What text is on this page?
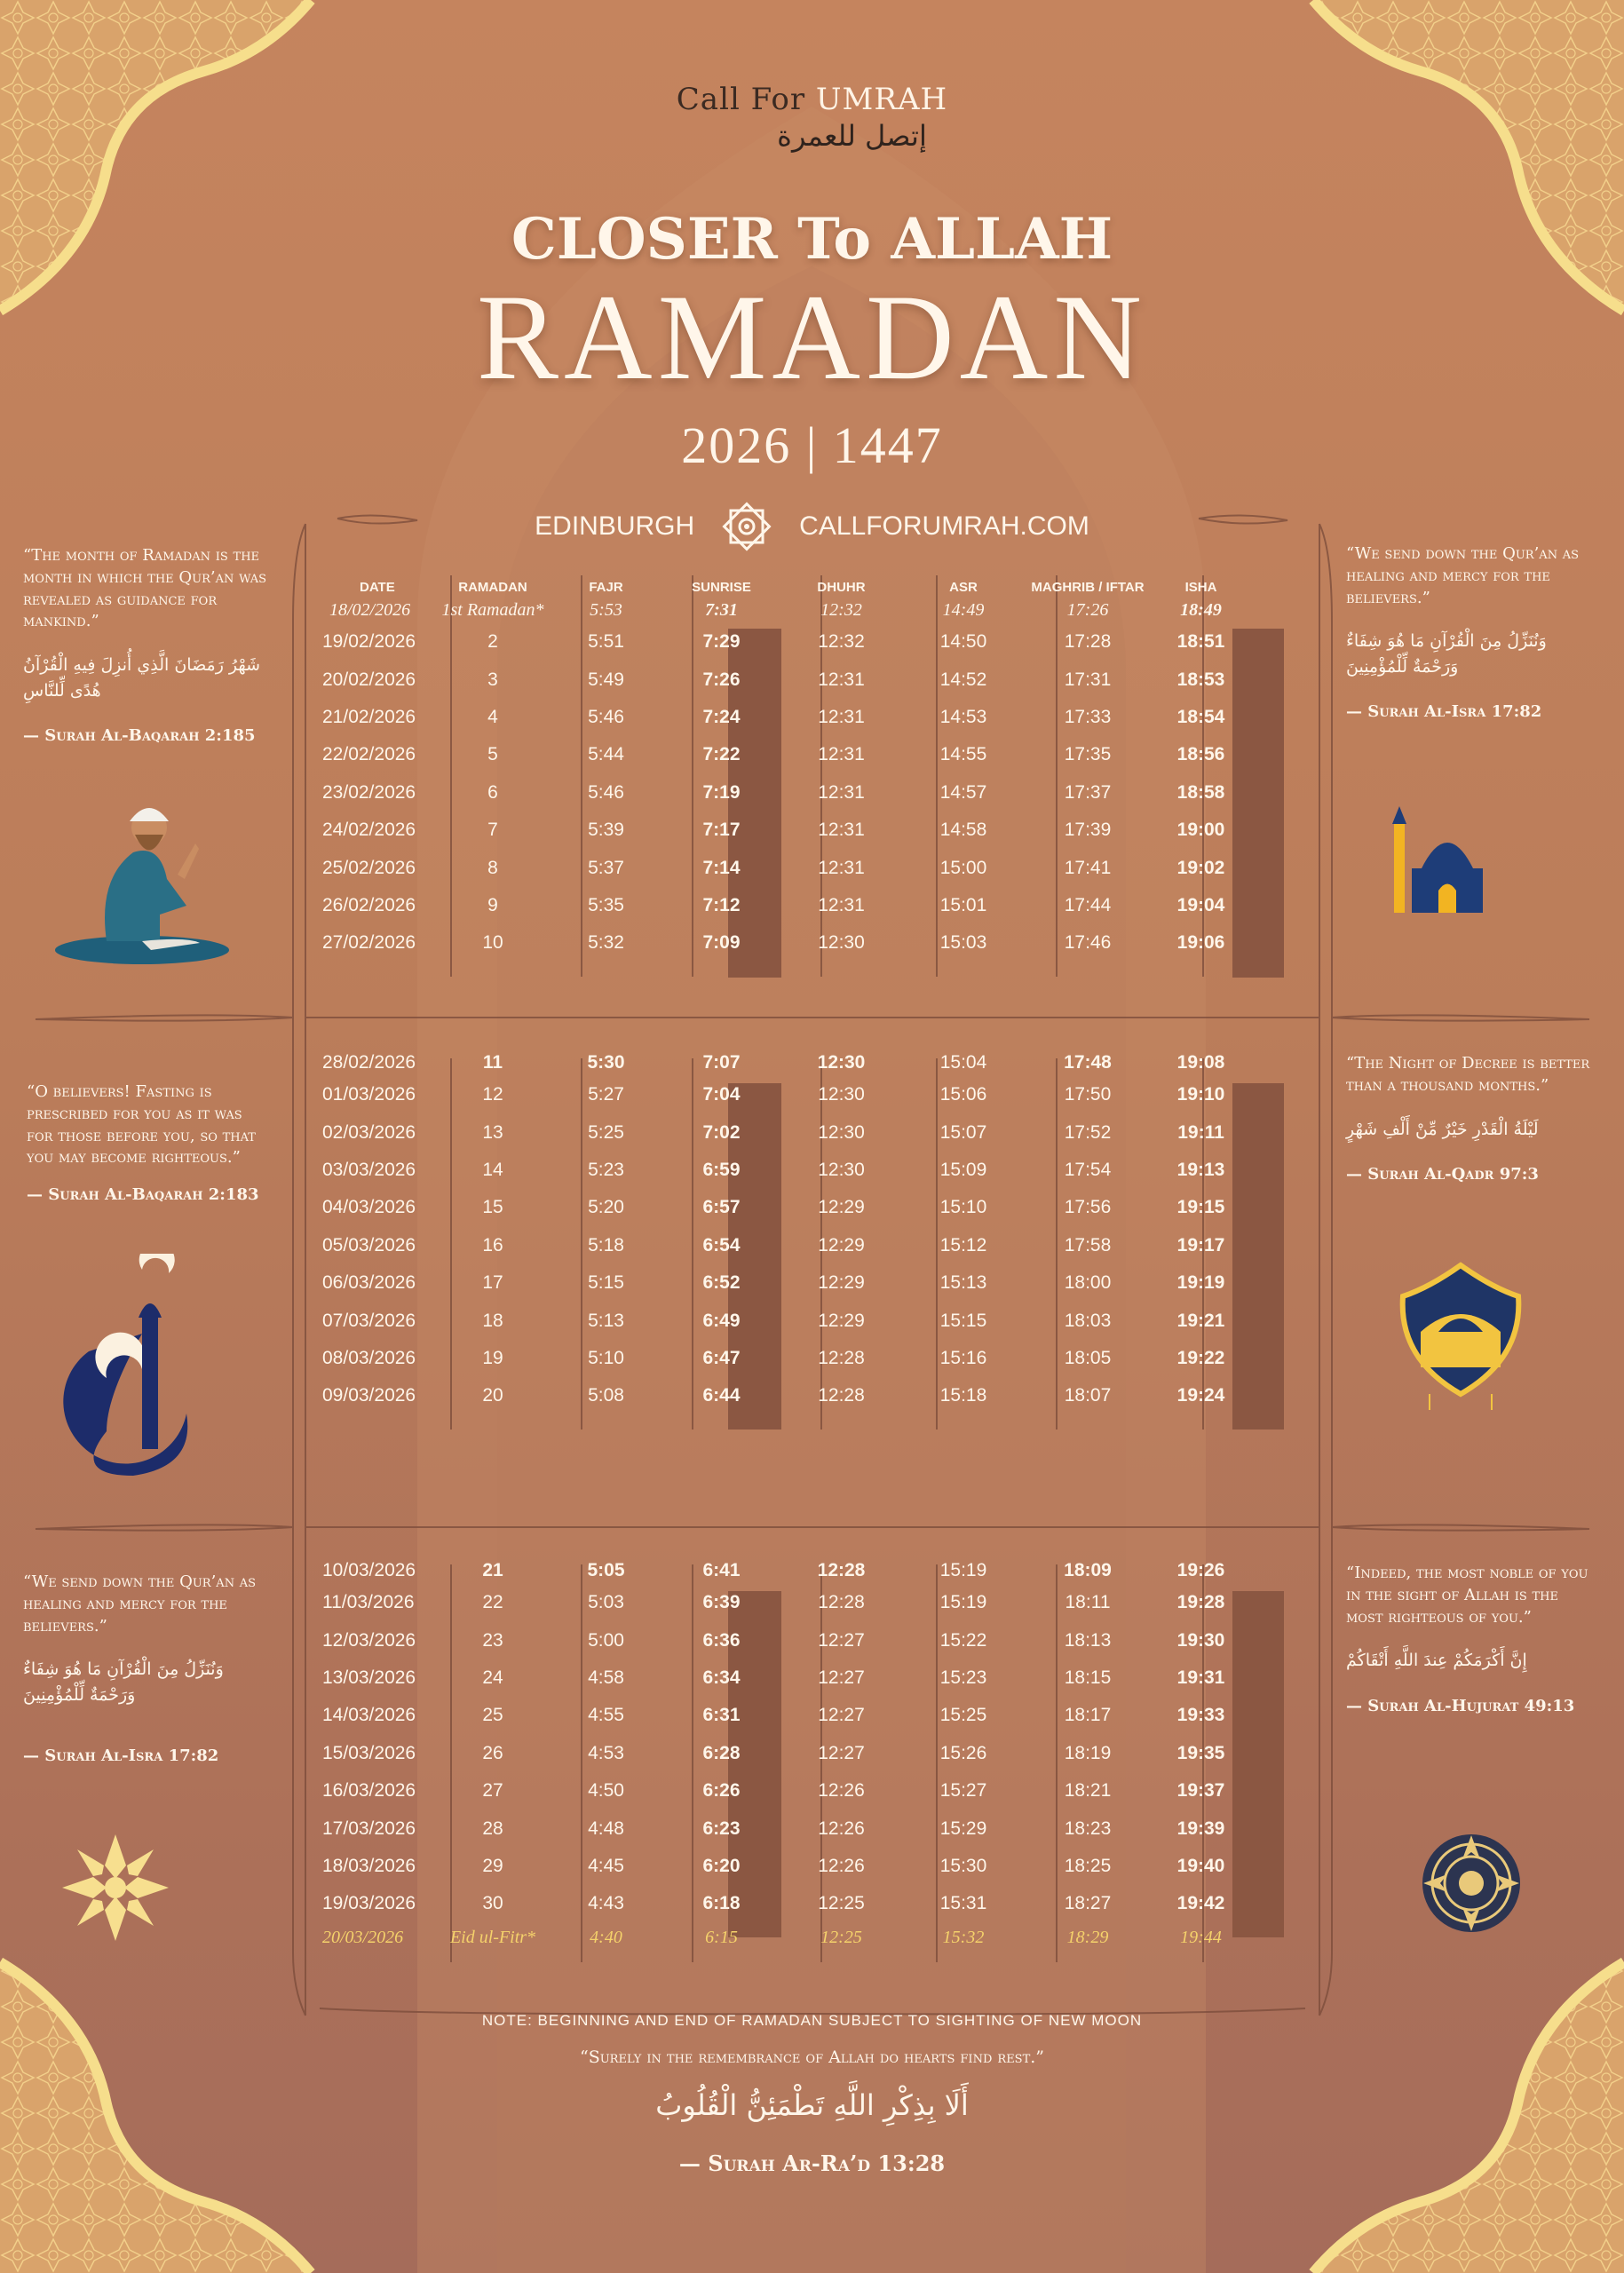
Call For UMRAH
إتصل للعمرة
CLOSER To ALLAH
RAMADAN
2026 | 1447
EDINBURGH	CALLFORUMRAH.COM
DATE	RAMADAN	FAJR	SUNRISE	DHUHR	ASR	MAGHRIB / IFTAR	ISHA
18/02/2026	1st Ramadan*	5:53	7:31	12:32	14:49	17:26	18:49
19/02/2026	2	5:51	7:29	12:32	14:50	17:28	18:51
20/02/2026	3	5:49	7:26	12:31	14:52	17:31	18:53
21/02/2026	4	5:46	7:24	12:31	14:53	17:33	18:54
22/02/2026	5	5:44	7:22	12:31	14:55	17:35	18:56
23/02/2026	6	5:46	7:19	12:31	14:57	17:37	18:58
24/02/2026	7	5:39	7:17	12:31	14:58	17:39	19:00
25/02/2026	8	5:37	7:14	12:31	15:00	17:41	19:02
26/02/2026	9	5:35	7:12	12:31	15:01	17:44	19:04
27/02/2026	10	5:32	7:09	12:30	15:03	17:46	19:06
28/02/2026	11	5:30	7:07	12:30	15:04	17:48	19:08
01/03/2026	12	5:27	7:04	12:30	15:06	17:50	19:10
02/03/2026	13	5:25	7:02	12:30	15:07	17:52	19:11
03/03/2026	14	5:23	6:59	12:30	15:09	17:54	19:13
04/03/2026	15	5:20	6:57	12:29	15:10	17:56	19:15
05/03/2026	16	5:18	6:54	12:29	15:12	17:58	19:17
06/03/2026	17	5:15	6:52	12:29	15:13	18:00	19:19
07/03/2026	18	5:13	6:49	12:29	15:15	18:03	19:21
08/03/2026	19	5:10	6:47	12:28	15:16	18:05	19:22
09/03/2026	20	5:08	6:44	12:28	15:18	18:07	19:24
10/03/2026	21	5:05	6:41	12:28	15:19	18:09	19:26
11/03/2026	22	5:03	6:39	12:28	15:19	18:11	19:28
12/03/2026	23	5:00	6:36	12:27	15:22	18:13	19:30
13/03/2026	24	4:58	6:34	12:27	15:23	18:15	19:31
14/03/2026	25	4:55	6:31	12:27	15:25	18:17	19:33
15/03/2026	26	4:53	6:28	12:27	15:26	18:19	19:35
16/03/2026	27	4:50	6:26	12:26	15:27	18:21	19:37
17/03/2026	28	4:48	6:23	12:26	15:29	18:23	19:39
18/03/2026	29	4:45	6:20	12:26	15:30	18:25	19:40
19/03/2026	30	4:43	6:18	12:25	15:31	18:27	19:42
20/03/2026	Eid ul-Fitr*	4:40	6:15	12:25	15:32	18:29	19:44
“The month of Ramadan is the month in which the Qur’an was revealed as guidance for mankind.”
شَهْرُ رَمَضَانَ الَّذِي أُنزِلَ فِيهِ الْقُرْآنُ هُدًى لِّلنَّاسِ
— Surah Al-Baqarah 2:185
“We send down the Qur’an as healing and mercy for the believers.”
وَنُنَزِّلُ مِنَ الْقُرْآنِ مَا هُوَ شِفَاءٌ وَرَحْمَةٌ لِّلْمُؤْمِنِينَ
— Surah Al-Isra 17:82
“O believers! Fasting is prescribed for you as it was for those before you, so that you may become righteous.”
— Surah Al-Baqarah 2:183
“The Night of Decree is better than a thousand months.”
لَيْلَةُ الْقَدْرِ خَيْرٌ مِّنْ أَلْفِ شَهْرٍ
— Surah Al-Qadr 97:3
“We send down the Qur’an as healing and mercy for the believers.”
وَنُنَزِّلُ مِنَ الْقُرْآنِ مَا هُوَ شِفَاءٌ وَرَحْمَةٌ لِّلْمُؤْمِنِينَ
— Surah Al-Isra 17:82
“Indeed, the most noble of you in the sight of Allah is the most righteous of you.”
إِنَّ أَكْرَمَكُمْ عِندَ اللَّهِ أَتْقَاكُمْ
— Surah Al-Hujurat 49:13
NOTE: BEGINNING AND END OF RAMADAN SUBJECT TO SIGHTING OF NEW MOON
“Surely in the remembrance of Allah do hearts find rest.”
أَلَا بِذِكْرِ اللَّهِ تَطْمَئِنُّ الْقُلُوبُ
— Surah Ar-Ra’d 13:28
